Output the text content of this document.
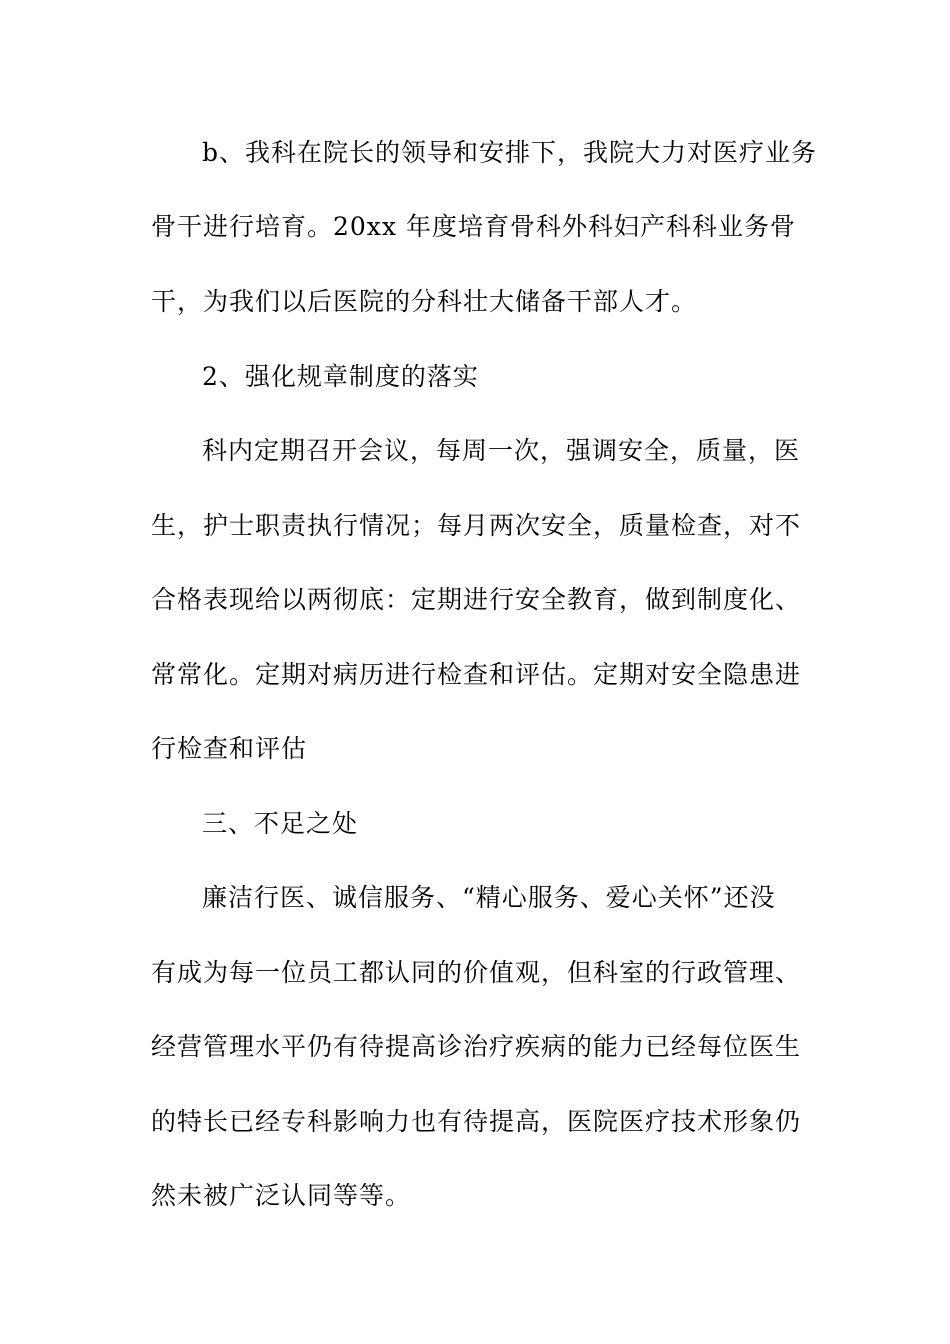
b、我科在院长的领导和安排下，我院大力对医疗业务
骨干进行培育。20xx 年度培育骨科外科妇产科科业务骨
干，为我们以后医院的分科壮大储备干部人才。
2、强化规章制度的落实
科内定期召开会议，每周一次，强调安全，质量，医
生，护士职责执行情况；每月两次安全，质量检查，对不
合格表现给以两彻底：定期进行安全教育，做到制度化、
常常化。定期对病历进行检查和评估。定期对安全隐患进
行检查和评估
三、不足之处
廉洁行医、诚信服务、“精心服务、爱心关怀”还没
有成为每一位员工都认同的价值观，但科室的行政管理、
经营管理水平仍有待提高诊治疗疾病的能力已经每位医生
的特长已经专科影响力也有待提高，医院医疗技术形象仍
然未被广泛认同等等。
